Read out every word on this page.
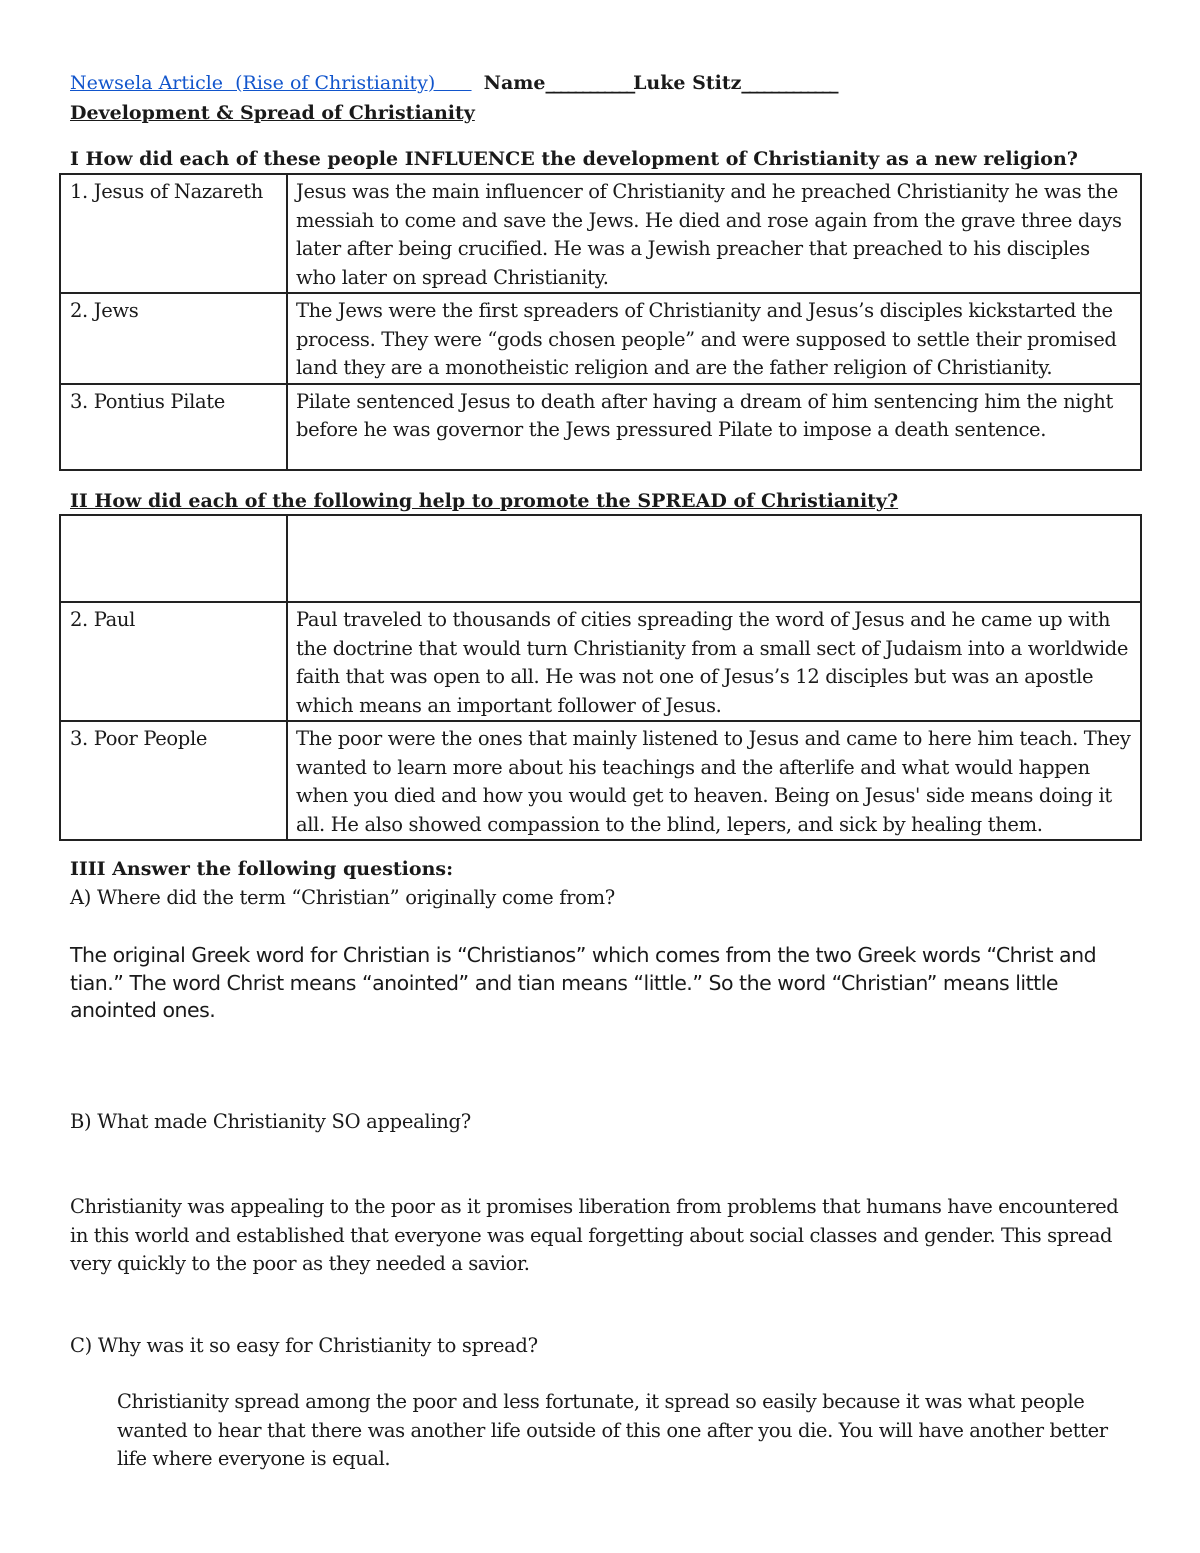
Newsela Article  (Rise of Christianity)       Name____________Luke Stitz_____________
Development & Spread of Christianity
I How did each of these people INFLUENCE the development of Christianity as a new religion?
1. Jesus of Nazareth	Jesus was the main influencer of Christianity and he preached Christianity he was the messiah to come and save the Jews. He died and rose again from the grave three days later after being crucified. He was a Jewish preacher that preached to his disciples who later on spread Christianity.
2. Jews	The Jews were the first spreaders of Christianity and Jesus’s disciples kickstarted the process. They were “gods chosen people” and were supposed to settle their promised land they are a monotheistic religion and are the father religion of Christianity.
3. Pontius Pilate	Pilate sentenced Jesus to death after having a dream of him sentencing him the night before he was governor the Jews pressured Pilate to impose a death sentence.
II How did each of the following help to promote the SPREAD of Christianity?

2. Paul	Paul traveled to thousands of cities spreading the word of Jesus and he came up with the doctrine that would turn Christianity from a small sect of Judaism into a worldwide faith that was open to all. He was not one of Jesus’s 12 disciples but was an apostle which means an important follower of Jesus.
3. Poor People	The poor were the ones that mainly listened to Jesus and came to here him teach. They wanted to learn more about his teachings and the afterlife and what would happen when you died and how you would get to heaven. Being on Jesus' side means doing it all. He also showed compassion to the blind, lepers, and sick by healing them.
IIII Answer the following questions:
A) Where did the term “Christian” originally come from?
The original Greek word for Christian is “Christianos” which comes from the two Greek words “Christ and tian.” The word Christ means “anointed” and tian means “little.” So the word “Christian” means little anointed ones.
B) What made Christianity SO appealing?
Christianity was appealing to the poor as it promises liberation from problems that humans have encountered in this world and established that everyone was equal forgetting about social classes and gender. This spread very quickly to the poor as they needed a savior.
C) Why was it so easy for Christianity to spread?
Christianity spread among the poor and less fortunate, it spread so easily because it was what people wanted to hear that there was another life outside of this one after you die. You will have another better life where everyone is equal.
